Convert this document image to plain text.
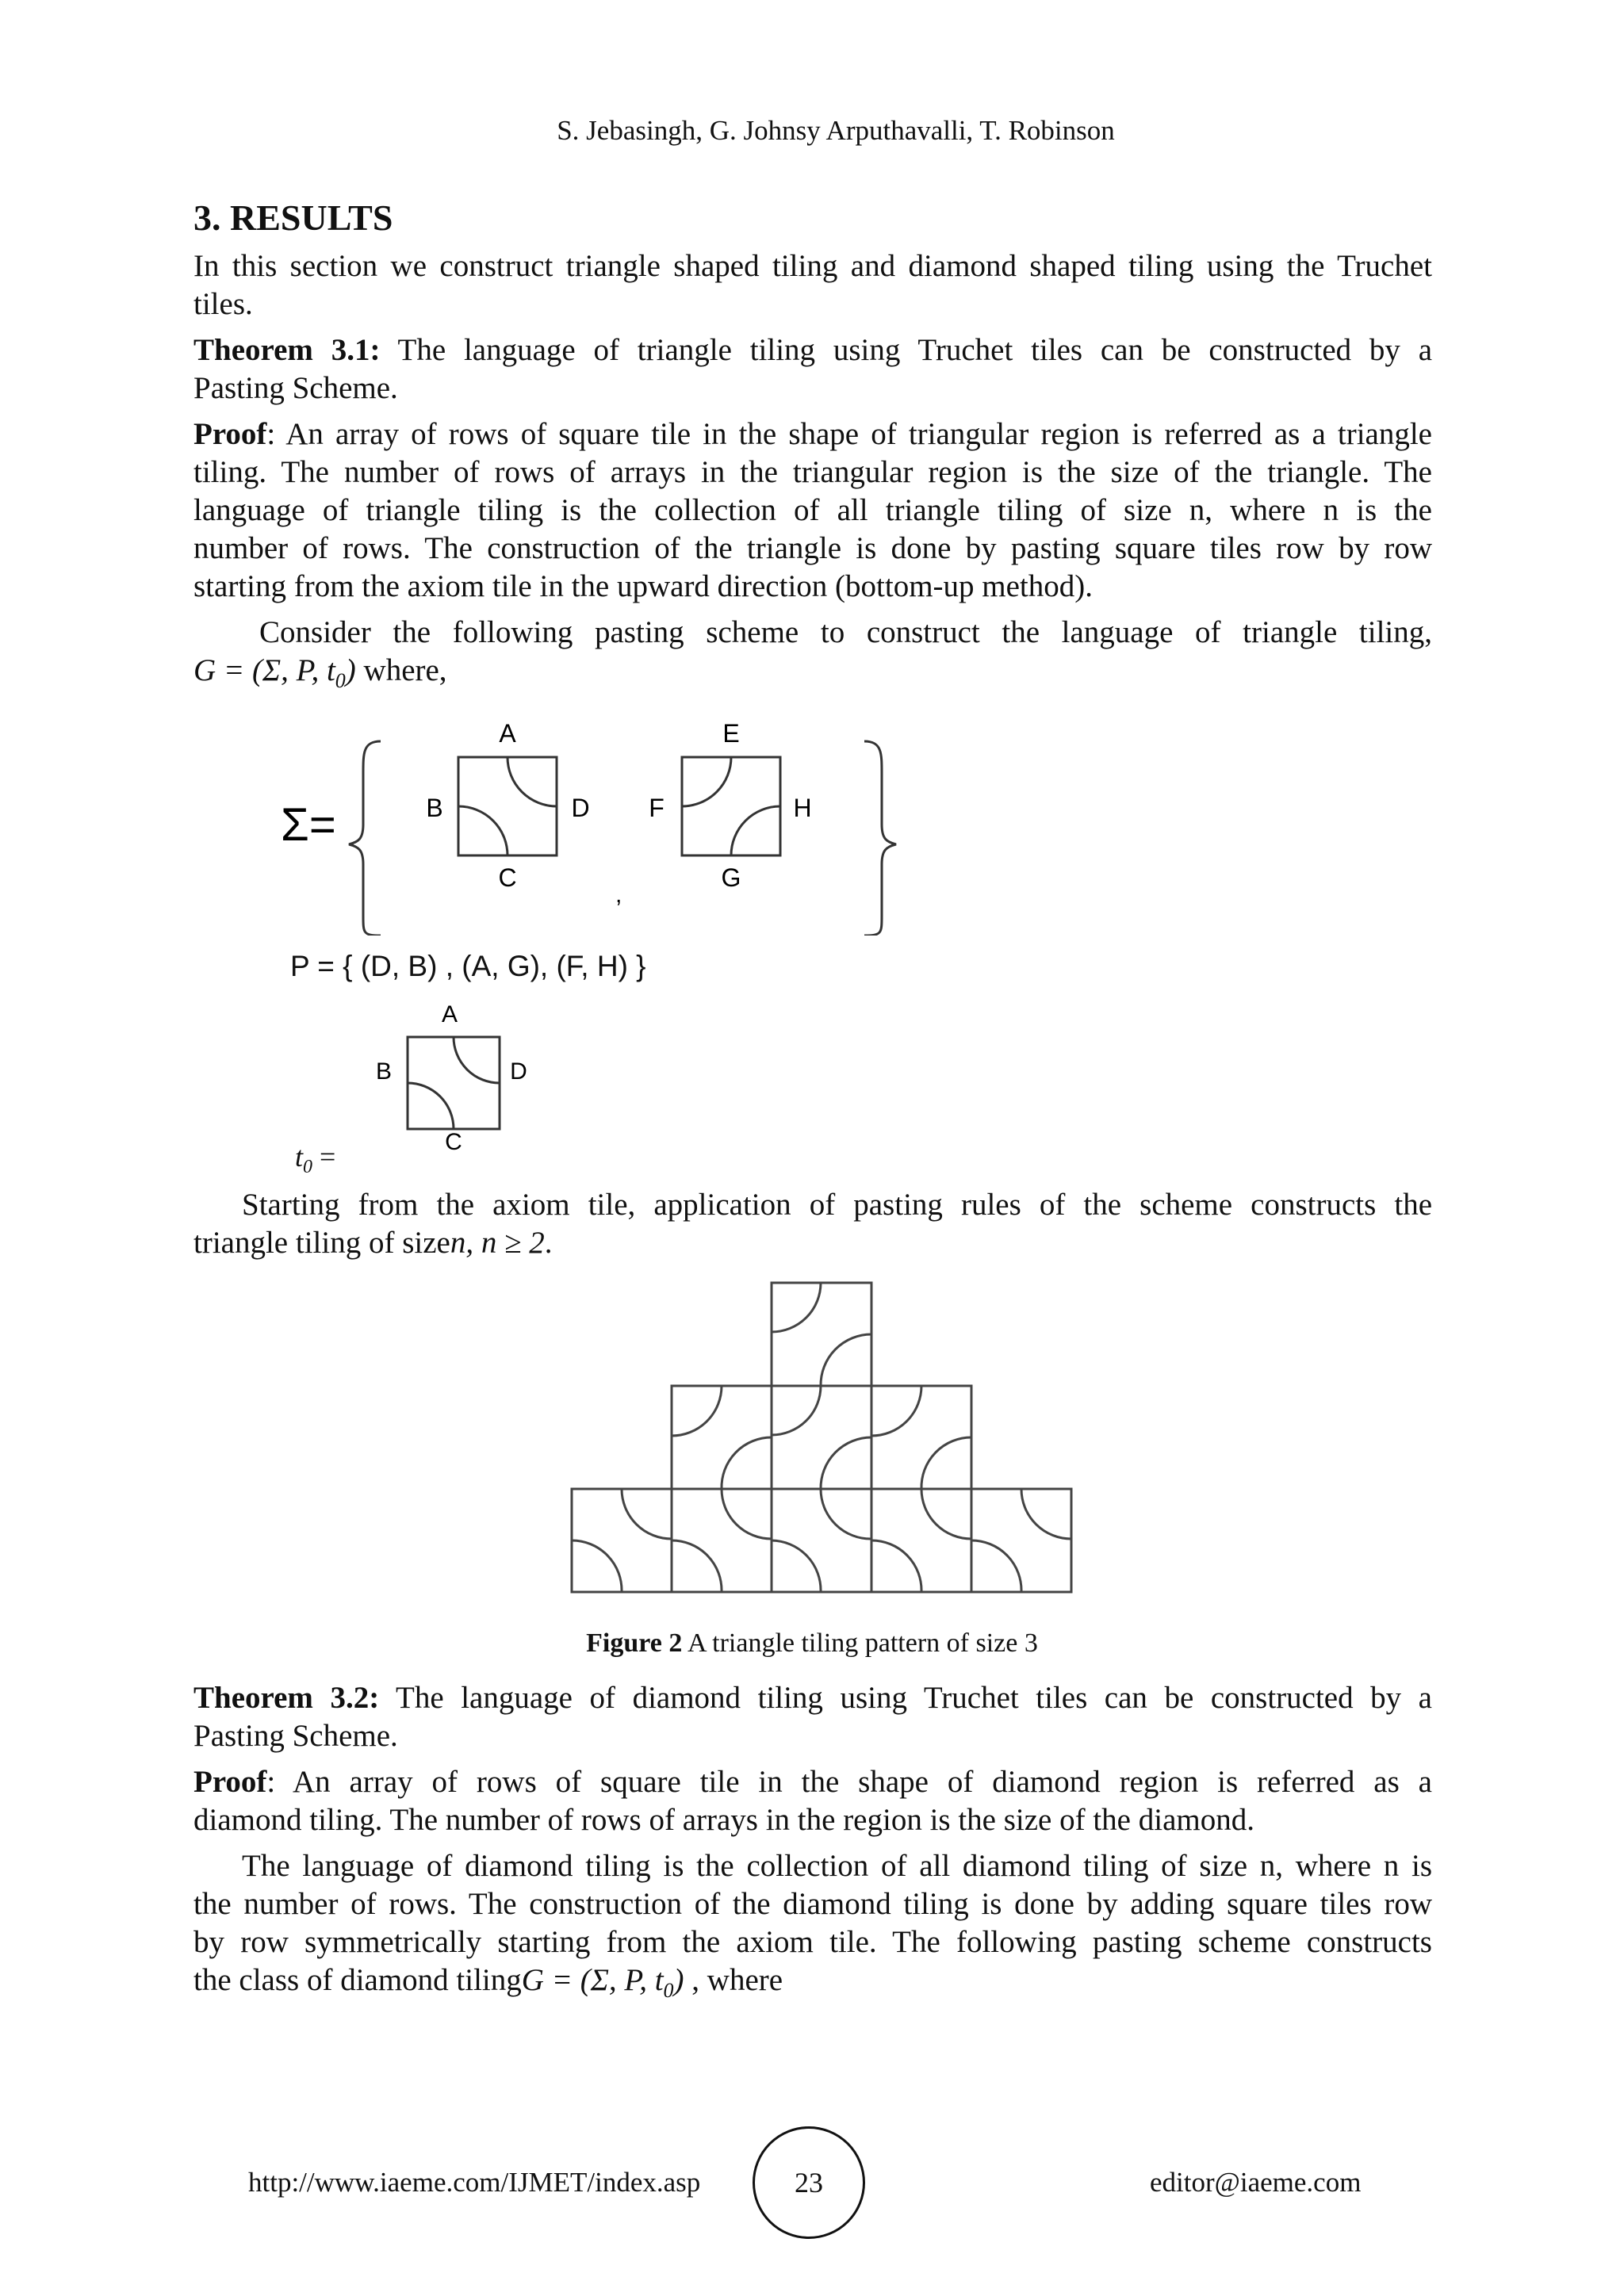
S. Jebasingh, G. Johnsy Arputhavalli, T. Robinson
3. RESULTS
In this section we construct triangle shaped tiling and diamond shaped tiling using the Truchet
tiles.
Theorem 3.1: The language of triangle tiling using Truchet tiles can be constructed by a
Pasting Scheme.
Proof: An array of rows of square tile in the shape of triangular region is referred as a triangle
tiling. The number of rows of arrays in the triangular region is the size of the triangle. The
language of triangle tiling is the collection of all triangle tiling of size n, where n is the
number of rows. The construction of the triangle is done by pasting square tiles row by row
starting from the axiom tile in the upward direction (bottom-up method).
Consider the following pasting scheme to construct the language of triangle tiling,
G = (Σ, P, $t_0$) where,
Σ=
A
B	D
C
,
E
F	H
G
P = { (D, B) , (A, G), (F, H) }
A
B	D
C
$t_0$ =
Starting from the axiom tile, application of pasting rules of the scheme constructs the
triangle tiling of sizen, n ≥ 2.
Figure 2 A triangle tiling pattern of size 3
Theorem 3.2: The language of diamond tiling using Truchet tiles can be constructed by a
Pasting Scheme.
Proof: An array of rows of square tile in the shape of diamond region is referred as a
diamond tiling. The number of rows of arrays in the region is the size of the diamond.
The language of diamond tiling is the collection of all diamond tiling of size n, where n is
the number of rows. The construction of the diamond tiling is done by adding square tiles row
by row symmetrically starting from the axiom tile. The following pasting scheme constructs
the class of diamond tilingG = (Σ, P, $t_0$) , where
http://www.iaeme.com/IJMET/index.asp	23	editor@iaeme.com
